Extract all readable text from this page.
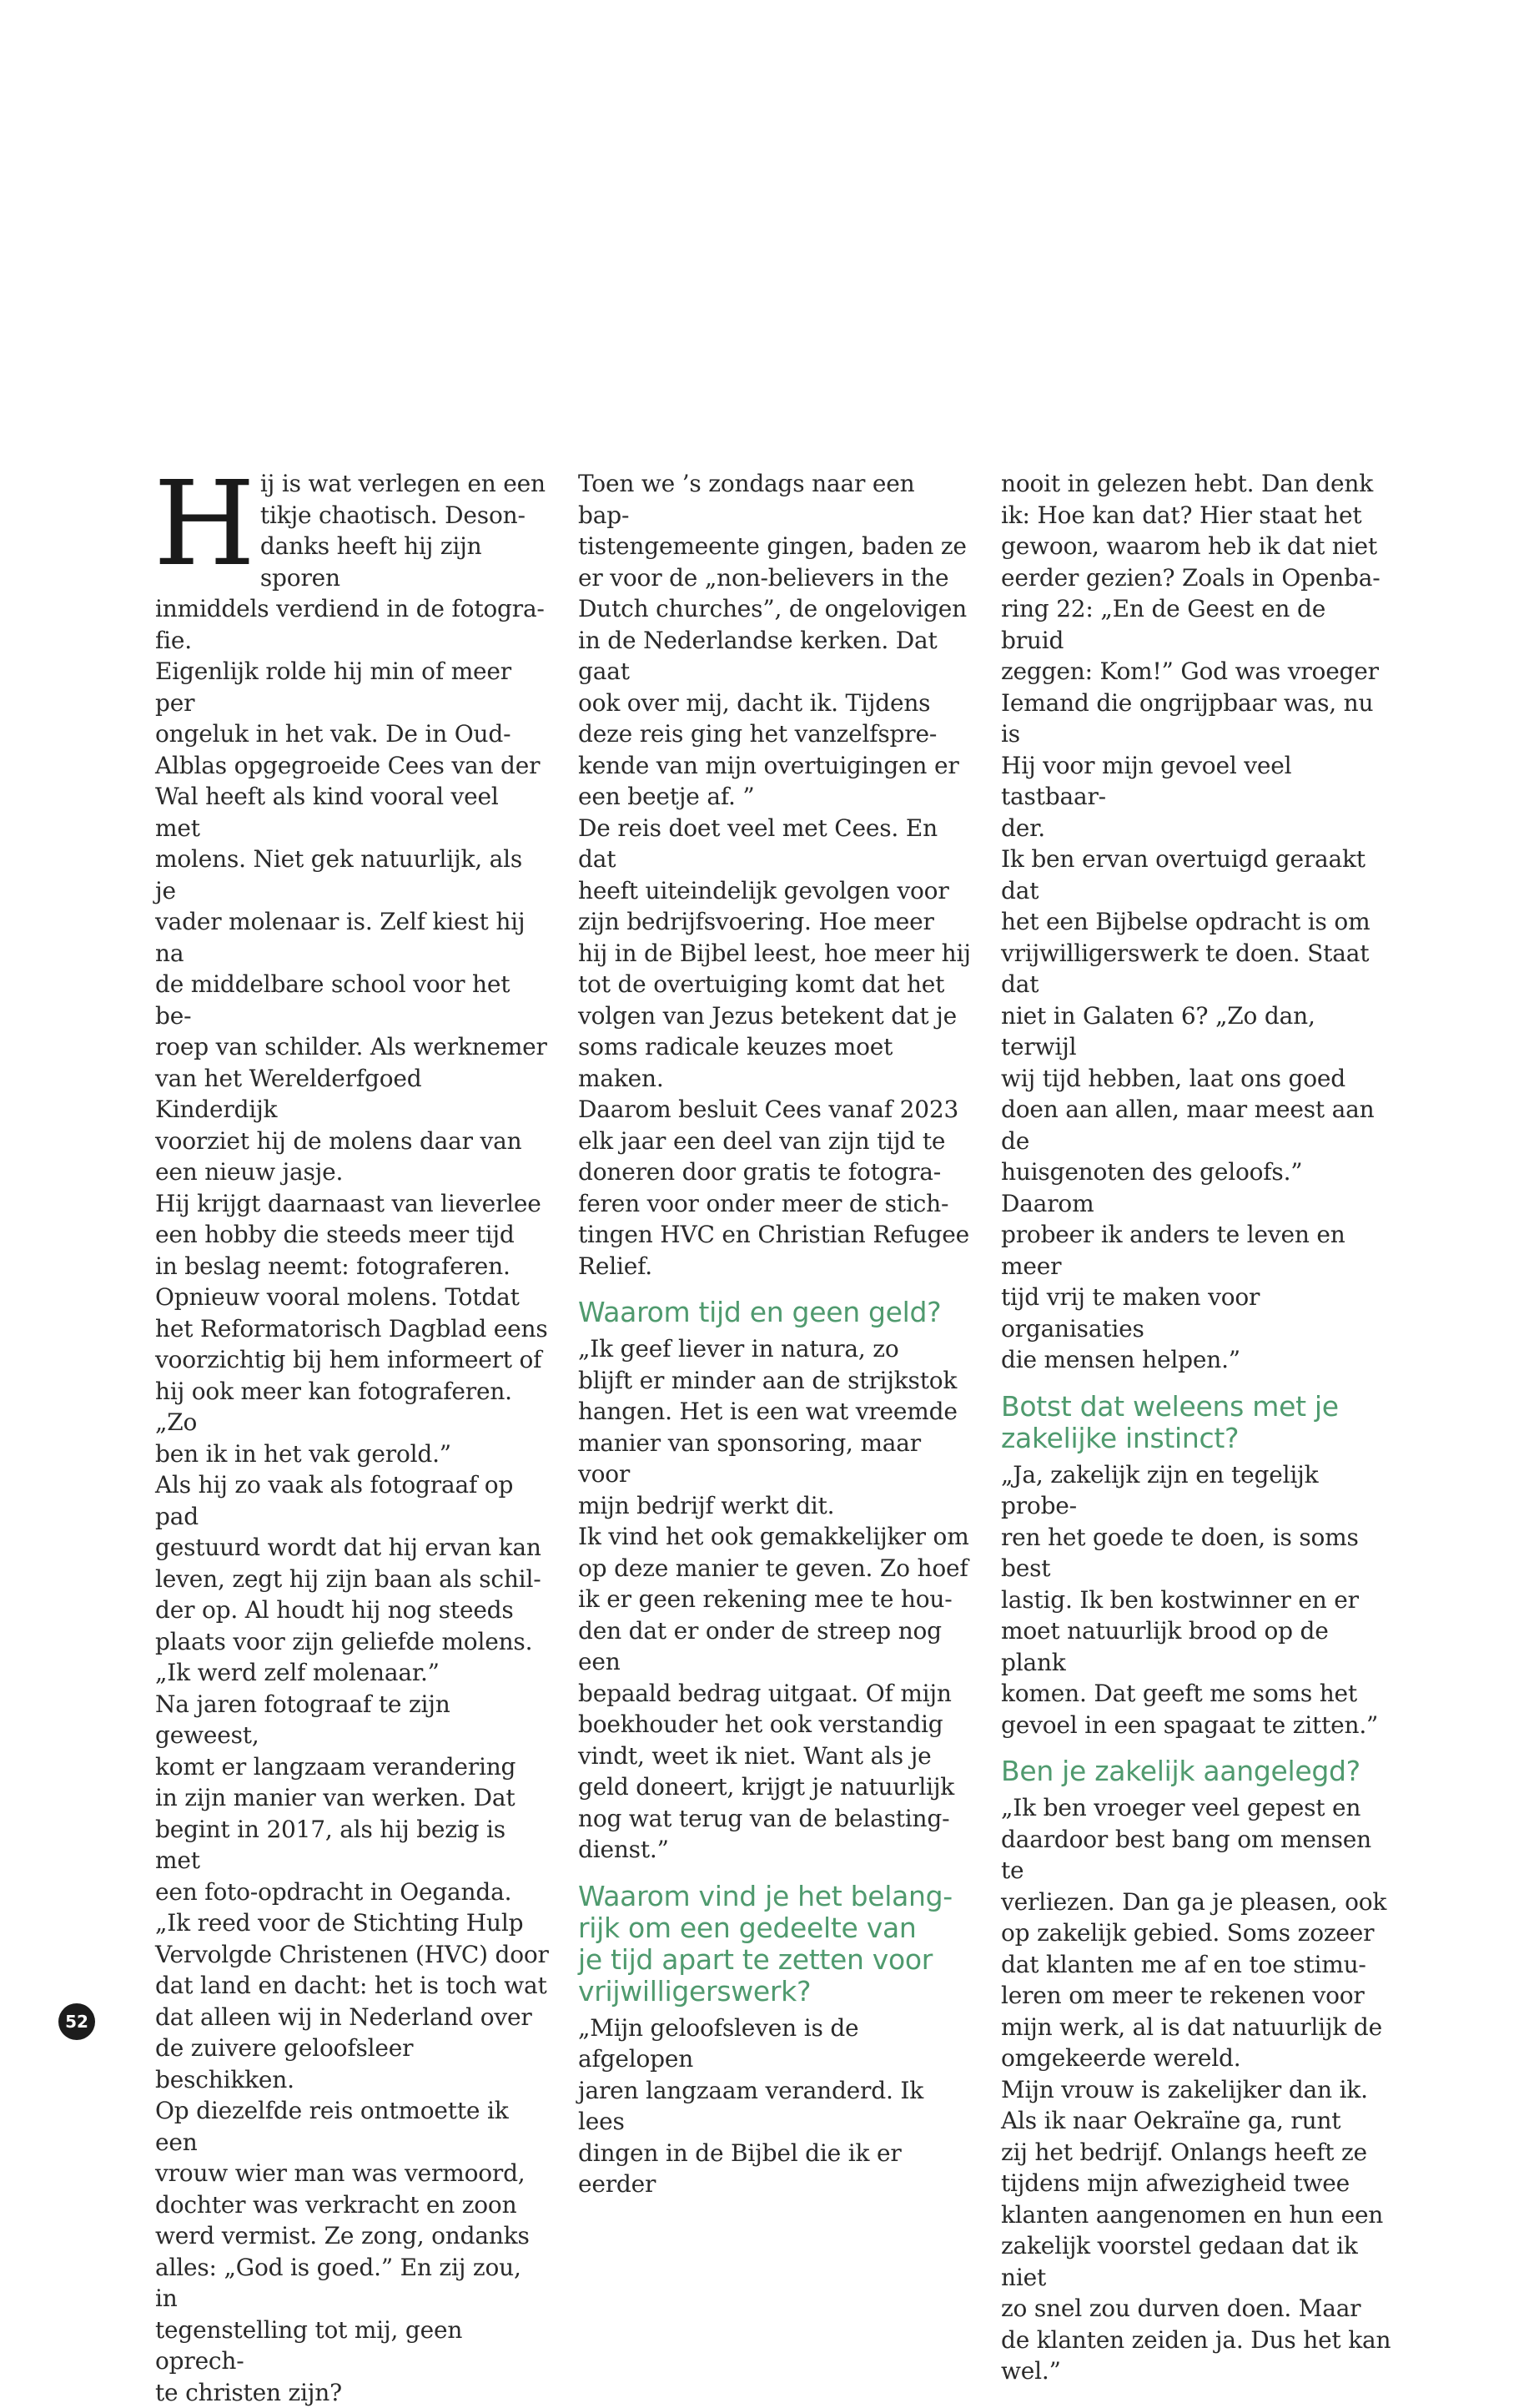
Hij is wat verlegen en een
tikje chaotisch. Deson-
danks heeft hij zijn sporen
inmiddels verdiend in de fotogra-
fie.

Eigenlijk rolde hij min of meer per
ongeluk in het vak. De in Oud-
Alblas opgegroeide Cees van der
Wal heeft als kind vooral veel met
molens. Niet gek natuurlijk, als je
vader molenaar is. Zelf kiest hij na
de middelbare school voor het be-
roep van schilder. Als werknemer
van het Werelderfgoed Kinderdijk
voorziet hij de molens daar van
een nieuw jasje.

Hij krijgt daarnaast van lieverlee
een hobby die steeds meer tijd
in beslag neemt: fotograferen.
Opnieuw vooral molens. Totdat
het Reformatorisch Dagblad eens
voorzichtig bij hem informeert of
hij ook meer kan fotograferen. „Zo
ben ik in het vak gerold.”

Als hij zo vaak als fotograaf op pad
gestuurd wordt dat hij ervan kan
leven, zegt hij zijn baan als schil-
der op. Al houdt hij nog steeds
plaats voor zijn geliefde molens.
„Ik werd zelf molenaar.”

Na jaren fotograaf te zijn geweest,
komt er langzaam verandering
in zijn manier van werken. Dat
begint in 2017, als hij bezig is met
een foto-opdracht in Oeganda.
„Ik reed voor de Stichting Hulp
Vervolgde Christenen (HVC) door
dat land en dacht: het is toch wat
dat alleen wij in Nederland over
de zuivere geloofsleer beschikken.
Op diezelfde reis ontmoette ik een
vrouw wier man was vermoord,
dochter was verkracht en zoon
werd vermist. Ze zong, ondanks
alles: „God is goed.” En zij zou, in
tegenstelling tot mij, geen oprech-
te christen zijn?

Toen we ’s zondags naar een bap-
tistengemeente gingen, baden ze
er voor de „non-believers in the
Dutch churches”, de ongelovigen
in de Nederlandse kerken. Dat gaat
ook over mij, dacht ik. Tijdens
deze reis ging het vanzelfspre-
kende van mijn overtuigingen er
een beetje af. ”

De reis doet veel met Cees. En dat
heeft uiteindelijk gevolgen voor
zijn bedrijfsvoering. Hoe meer
hij in de Bijbel leest, hoe meer hij
tot de overtuiging komt dat het
volgen van Jezus betekent dat je
soms radicale keuzes moet maken.
Daarom besluit Cees vanaf 2023
elk jaar een deel van zijn tijd te
doneren door gratis te fotogra-
feren voor onder meer de stich-
tingen HVC en Christian Refugee
Relief.

Waarom tijd en geen geld?

„Ik geef liever in natura, zo
blijft er minder aan de strijkstok
hangen. Het is een wat vreemde
manier van sponsoring, maar voor
mijn bedrijf werkt dit.

Ik vind het ook gemakkelijker om
op deze manier te geven. Zo hoef
ik er geen rekening mee te hou-
den dat er onder de streep nog een
bepaald bedrag uitgaat. Of mijn
boekhouder het ook verstandig
vindt, weet ik niet. Want als je
geld doneert, krijgt je natuurlijk
nog wat terug van de belasting-
dienst.”

Waarom vind je het belang-
rijk om een gedeelte van
je tijd apart te zetten voor
vrijwilligerswerk?

„Mijn geloofsleven is de afgelopen
jaren langzaam veranderd. Ik lees
dingen in de Bijbel die ik er eerder

nooit in gelezen hebt. Dan denk
ik: Hoe kan dat? Hier staat het
gewoon, waarom heb ik dat niet
eerder gezien? Zoals in Openba-
ring 22: „En de Geest en de bruid
zeggen: Kom!” God was vroeger
Iemand die ongrijpbaar was, nu is
Hij voor mijn gevoel veel tastbaar-
der.

Ik ben ervan overtuigd geraakt dat
het een Bijbelse opdracht is om
vrijwilligerswerk te doen. Staat dat
niet in Galaten 6? „Zo dan, terwijl
wij tijd hebben, laat ons goed
doen aan allen, maar meest aan de
huisgenoten des geloofs.” Daarom
probeer ik anders te leven en meer
tijd vrij te maken voor organisaties
die mensen helpen.”

Botst dat weleens met je
zakelijke instinct?

„Ja, zakelijk zijn en tegelijk probe-
ren het goede te doen, is soms best
lastig. Ik ben kostwinner en er
moet natuurlijk brood op de plank
komen. Dat geeft me soms het
gevoel in een spagaat te zitten.”

Ben je zakelijk aangelegd?

„Ik ben vroeger veel gepest en
daardoor best bang om mensen te
verliezen. Dan ga je pleasen, ook
op zakelijk gebied. Soms zozeer
dat klanten me af en toe stimu-
leren om meer te rekenen voor
mijn werk, al is dat natuurlijk de
omgekeerde wereld.

Mijn vrouw is zakelijker dan ik.
Als ik naar Oekraïne ga, runt
zij het bedrijf. Onlangs heeft ze
tijdens mijn afwezigheid twee
klanten aangenomen en hun een
zakelijk voorstel gedaan dat ik niet
zo snel zou durven doen. Maar
de klanten zeiden ja. Dus het kan
wel.”

52
